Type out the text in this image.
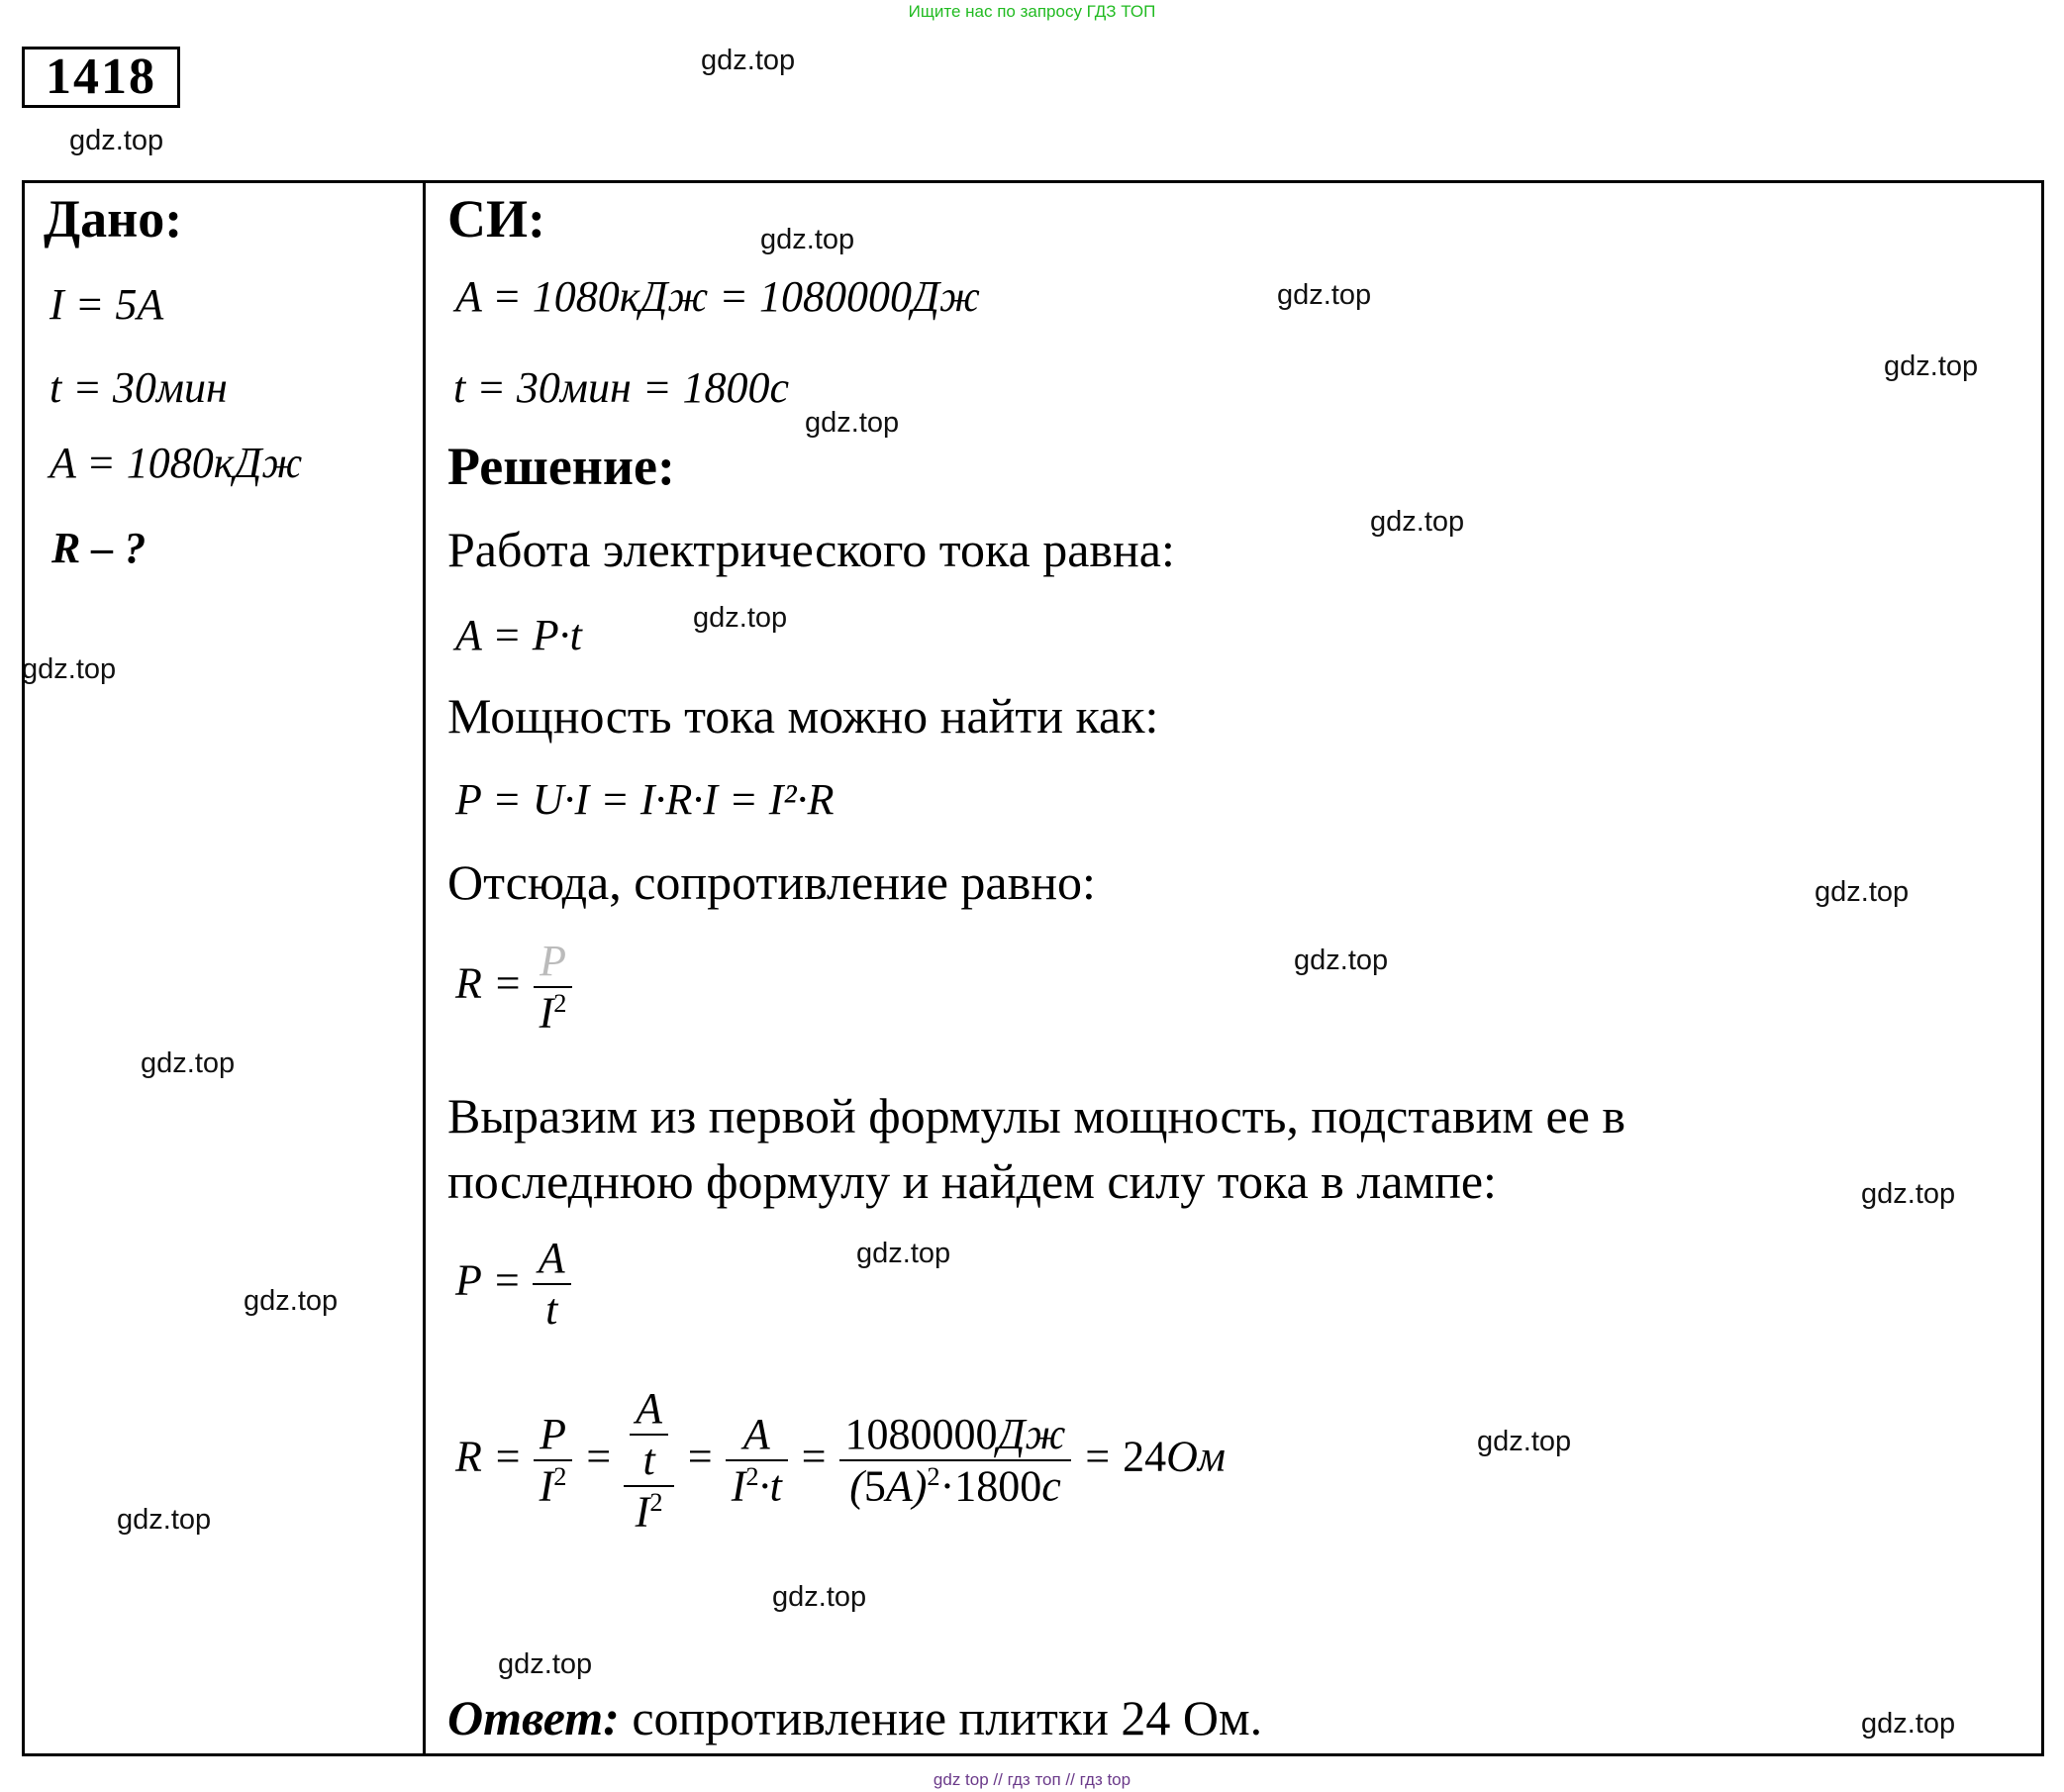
Ищите нас по запросу ГДЗ ТОП
1418	gdz.top
gdz.top
gdz.top
gdz.top
gdz.top
gdz.top
gdz.top
gdz.top
gdz.top
gdz.top
gdz.top
gdz.top
gdz.top
gdz.top
gdz.top
gdz.top
gdz.top
gdz.top
gdz.top
gdz.top
Дано:
I = 5A
t = 30мин
A = 1080кДж
R – ?
СИ:
A = 1080кДж = 1080000Дж
t = 30мин = 1800с
Решение:
Работа электрического тока равна:
A = P·t
Мощность тока можно найти как:
P = U·I = I·R·I = I²·R
Отсюда, сопротивление равно:
$R = \frac{P}{I^2}$
Выразим из первой формулы мощность, подставим ее в
последнюю формулу и найдем силу тока в лампе:
$P = \frac{A}{t}$
$R = \frac{P}{I^2} = \frac{\frac{A}{t}}{I^2} = \frac{A}{I^2\cdot t} = \frac{1080000Дж}{(5A)^2\cdot 1800с} = 24Ом$
Ответ: сопротивление плитки 24 Ом.
gdz top // гдз топ // гдз top
